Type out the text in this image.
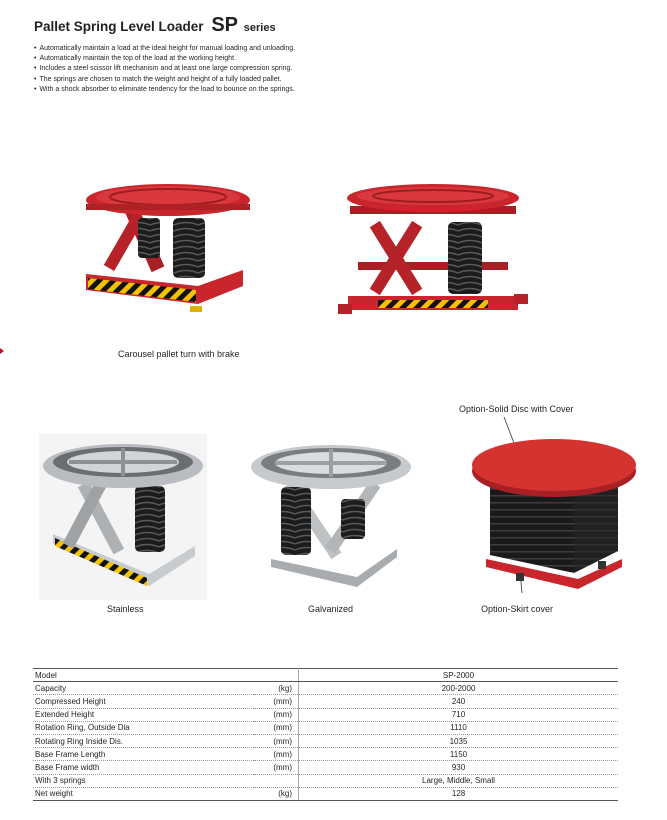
Pallet Spring Level Loader SP series
• Automatically maintain a load at the ideal height for manual loading and unloading.
• Automatically maintain the top of the load at the working height.
• Includes a steel scissor lift mechanism and at least one large compression spring.
• The springs are chosen to match the weight and height of a fully loaded pallet.
• With a shock absorber to eliminate tendency for the load to bounce on the springs.
Carousel pallet turn with brake
Stainless	Galvanized
Option-Solid Disc with Cover
Option-Skirt cover
Model		SP-2000
Capacity	(kg)	200-2000
Compressed Height	(mm)	240
Extended Height	(mm)	710
Rotation Ring, Outside Dia	(mm)	1110
Rotating Ring Inside Dis.	(mm)	1035
Base Frame Length	(mm)	1150
Base Frame width	(mm)	930
With 3 springs		Large, Middle, Small
Net weight	(kg)	128
